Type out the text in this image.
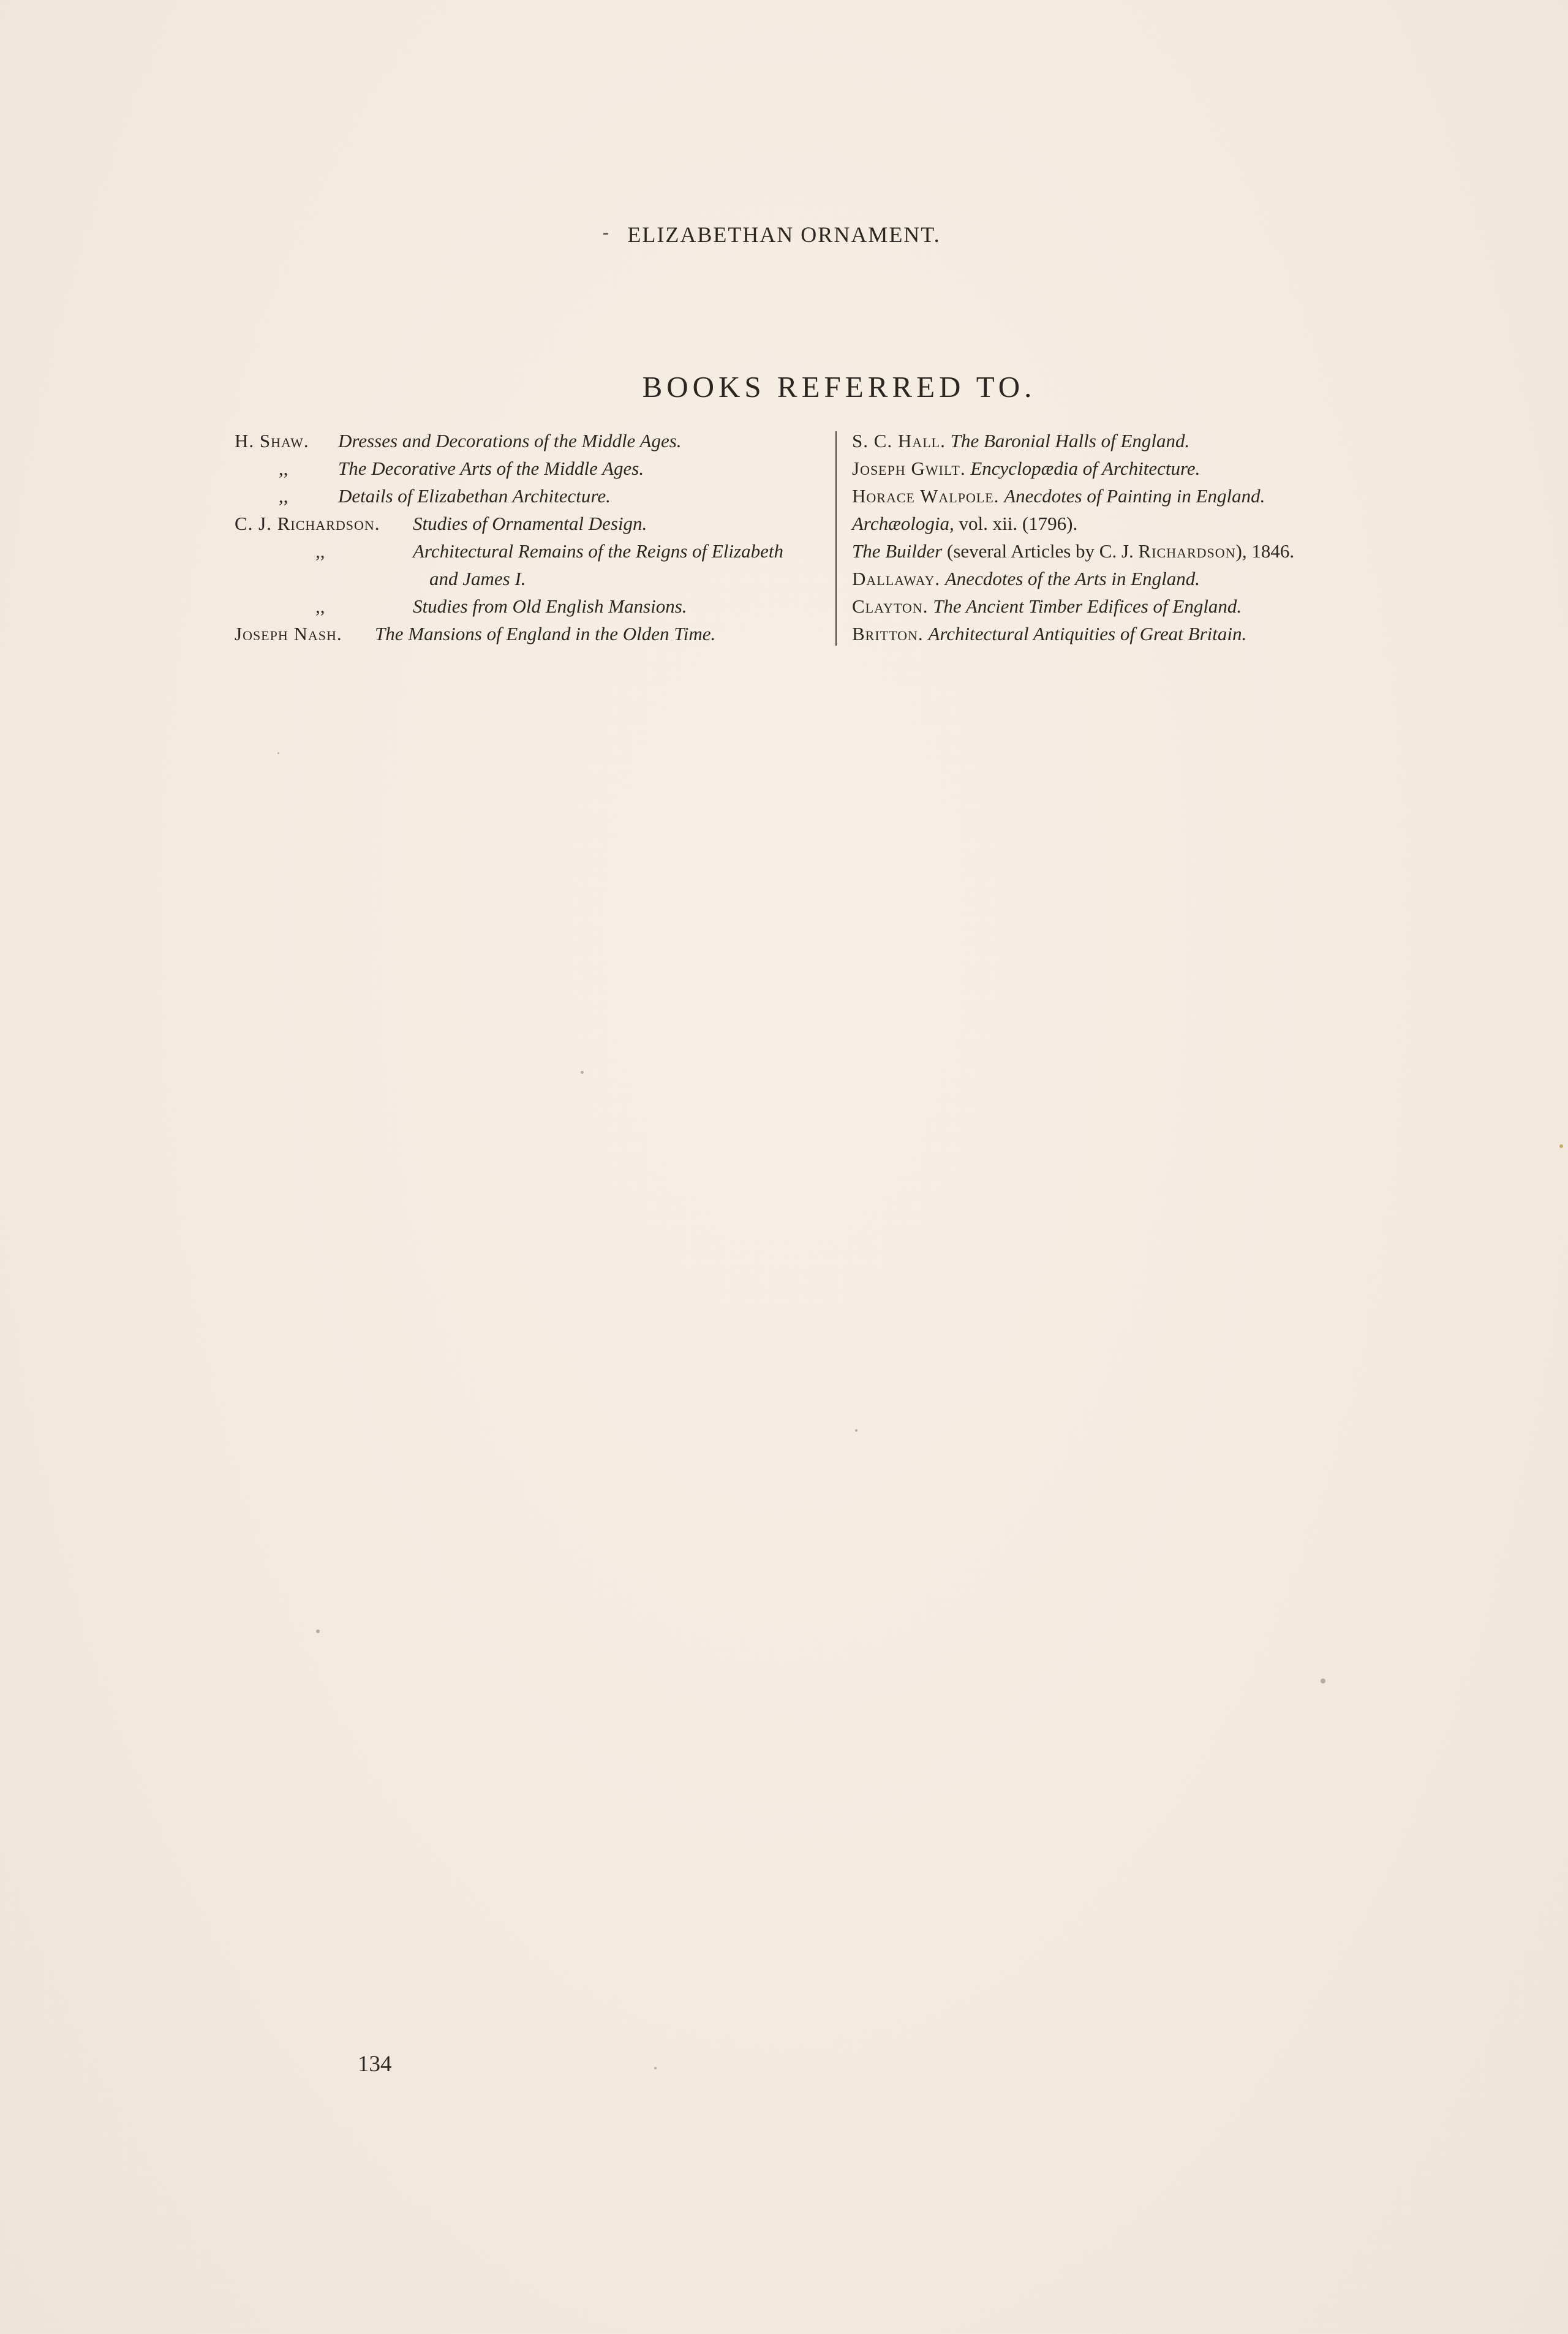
ELIZABETHAN ORNAMENT.
BOOKS REFERRED TO.
H. Shaw. Dresses and Decorations of the Middle Ages.
,,	The Decorative Arts of the Middle Ages.
,,	Details of Elizabethan Architecture.
C. J. Richardson. Studies of Ornamental Design.
,,	Architectural Remains of the Reigns of Elizabeth
and James I.
,,	Studies from Old English Mansions.
Joseph Nash. The Mansions of England in the Olden Time.
S. C. Hall. The Baronial Halls of England.
Joseph Gwilt. Encyclopædia of Architecture.
Horace Walpole. Anecdotes of Painting in England.
Archæologia, vol. xii. (1796).
The Builder (several Articles by C. J. Richardson), 1846.
Dallaway. Anecdotes of the Arts in England.
Clayton. The Ancient Timber Edifices of England.
Britton. Architectural Antiquities of Great Britain.
134
